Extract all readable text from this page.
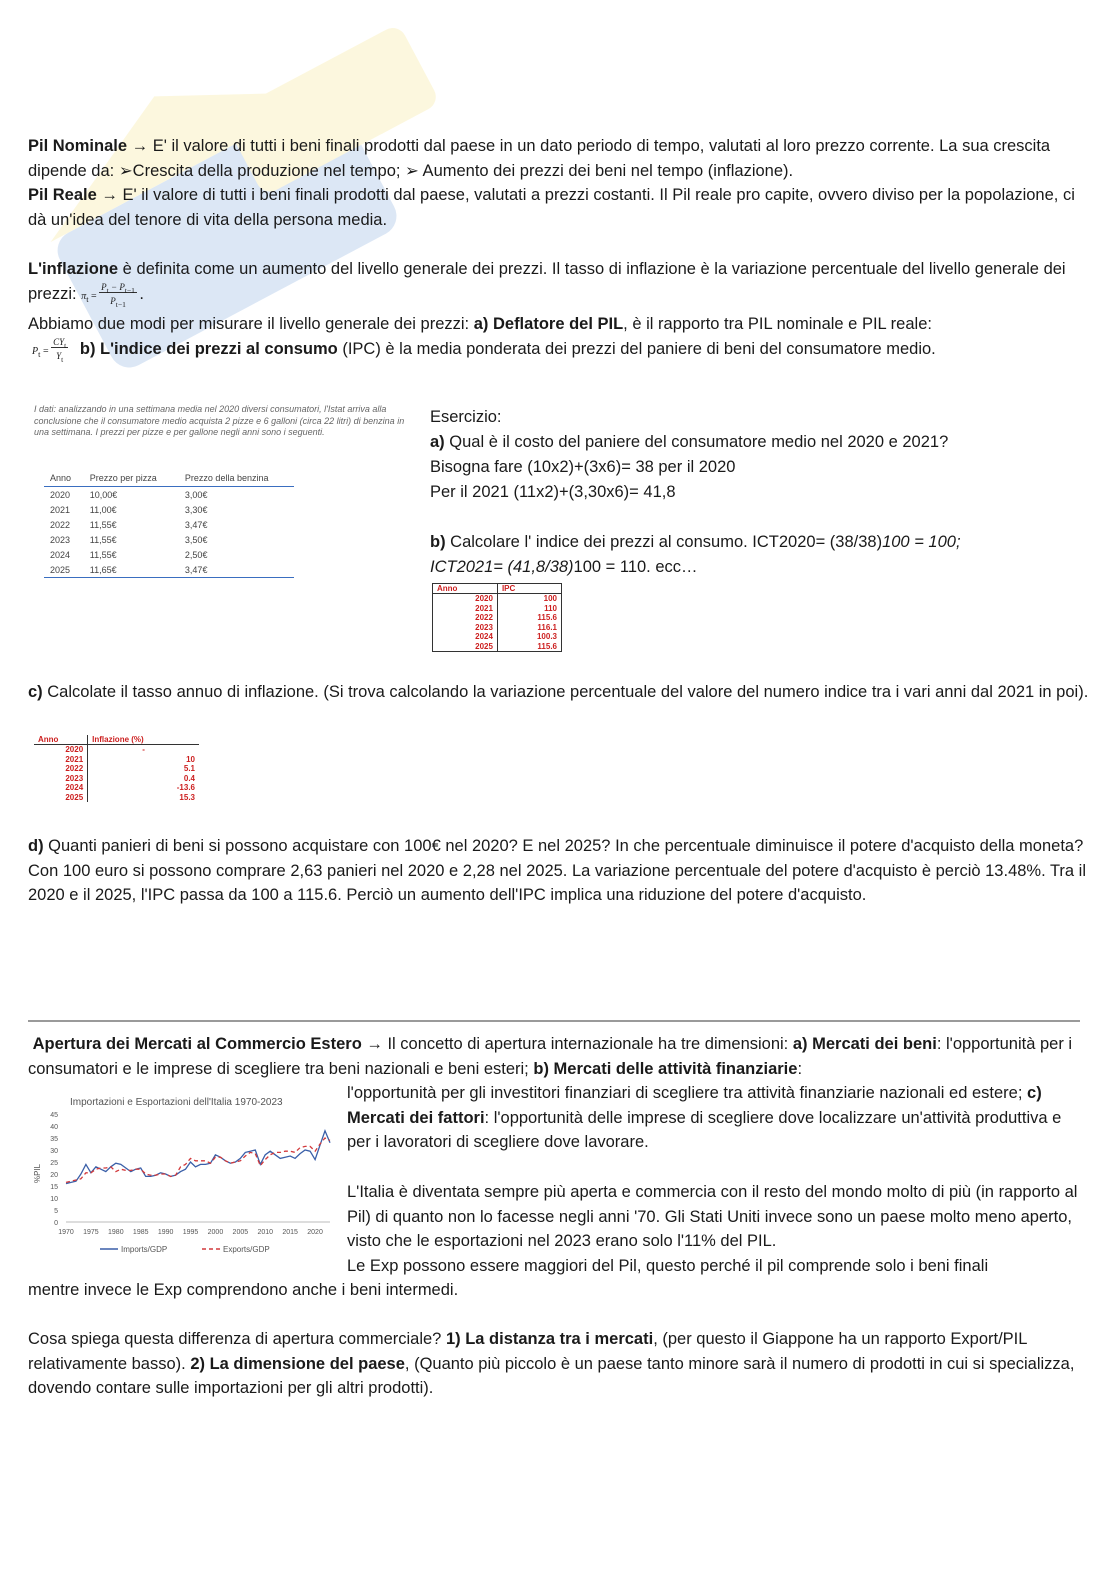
Pil Nominale → E' il valore di tutti i beni finali prodotti dal paese in un dato periodo di tempo, valutati al loro prezzo corrente. La sua crescita dipende da: ➢Crescita della produzione nel tempo; ➢ Aumento dei prezzi dei beni nel tempo (inflazione).
Pil Reale → E' il valore di tutti i beni finali prodotti dal paese, valutati a prezzi costanti. Il Pil reale pro capite, ovvero diviso per la popolazione, ci dà un'idea del tenore di vita della persona media.

L'inflazione è definita come un aumento del livello generale dei prezzi. Il tasso di inflazione è la variazione percentuale del livello generale dei prezzi: $\pi_t = \frac{P_t - P_{t-1}}{P_{t-1}}$ .
Abbiamo due modi per misurare il livello generale dei prezzi: a) Deflatore del PIL, è il rapporto tra PIL nominale e PIL reale:
$P_t = \frac{CY_t}{Y_t} b$) L'indice dei prezzi al consumo (IPC) è la media ponderata dei prezzi del paniere di beni del consumatore medio.

I dati: analizzando in una settimana media nel 2020 diversi consumatori, l'Istat arriva alla conclusione che il consumatore medio acquista 2 pizze e 6 galloni (circa 22 litri) di benzina in una settimana. I prezzi per pizze e per gallone negli anni sono i seguenti.
Anno	Prezzo per pizza	Prezzo della benzina
2020	10,00€	3,00€
2021	11,00€	3,30€
2022	11,55€	3,47€
2023	11,55€	3,50€
2024	11,55€	2,50€
2025	11,65€	3,47€
Esercizio:
a) Qual è il costo del paniere del consumatore medio nel 2020 e 2021?
Bisogna fare (10x2)+(3x6)= 38 per il 2020
Per il 2021 (11x2)+(3,30x6)= 41,8
b) Calcolare l' indice dei prezzi al consumo. ICT2020= (38/38)100 = 100;
ICT2021= (41,8/38)100 = 110. ecc…
Anno	IPC
2020	100
2021	110
2022	115.6
2023	116.1
2024	100.3
2025	115.6

c) Calcolate il tasso annuo di inflazione. (Si trova calcolando la variazione percentuale del valore del numero indice tra i vari anni dal 2021 in poi).

Anno	Inflazione (%)
2020	-
2021	10
2022	5.1
2023	0.4
2024	-13.6
2025	15.3

d) Quanti panieri di beni si possono acquistare con 100€ nel 2020? E nel 2025? In che percentuale diminuisce il potere d'acquisto della moneta?
Con 100 euro si possono comprare 2,63 panieri nel 2020 e 2,28 nel 2025. La variazione percentuale del potere d'acquisto è perciò 13.48%. Tra il 2020 e il 2025, l'IPC passa da 100 a 115.6. Perciò un aumento dell'IPC implica una riduzione del potere d'acquisto.

Apertura dei Mercati al Commercio Estero → Il concetto di apertura internazionale ha tre dimensioni: a) Mercati dei beni: l'opportunità per i consumatori e le imprese di scegliere tra beni nazionali e beni esteri; b) Mercati delle attività finanziarie:

l'opportunità per gli investitori finanziari di scegliere tra attività finanziarie nazionali ed estere; c) Mercati dei fattori: l'opportunità delle imprese di scegliere dove localizzare un'attività produttiva e per i lavoratori di scegliere dove lavorare.

L'Italia è diventata sempre più aperta e commercia con il resto del mondo molto di più (in rapporto al Pil) di quanto non lo facesse negli anni '70. Gli Stati Uniti invece sono un paese molto meno aperto, visto che le esportazioni nel 2023 erano solo l'11% del PIL.
Le Exp possono essere maggiori del Pil, questo perché il pil comprende solo i beni finali

mentre invece le Exp comprendono anche i beni intermedi.

Importazioni e Esportazioni dell'Italia 1970-2023
%PIL
0
5
10
15
20
25
30
35
40
45
1970 1975 1980 1985 1990 1995 2000 2005 2010 2015 2020
Imports/GDP	Exports/GDP

Cosa spiega questa differenza di apertura commerciale? 1) La distanza tra i mercati, (per questo il Giappone ha un rapporto Export/PIL relativamente basso). 2) La dimensione del paese, (Quanto più piccolo è un paese tanto minore sarà il numero di prodotti in cui si specializza, dovendo contare sulle importazioni per gli altri prodotti).
